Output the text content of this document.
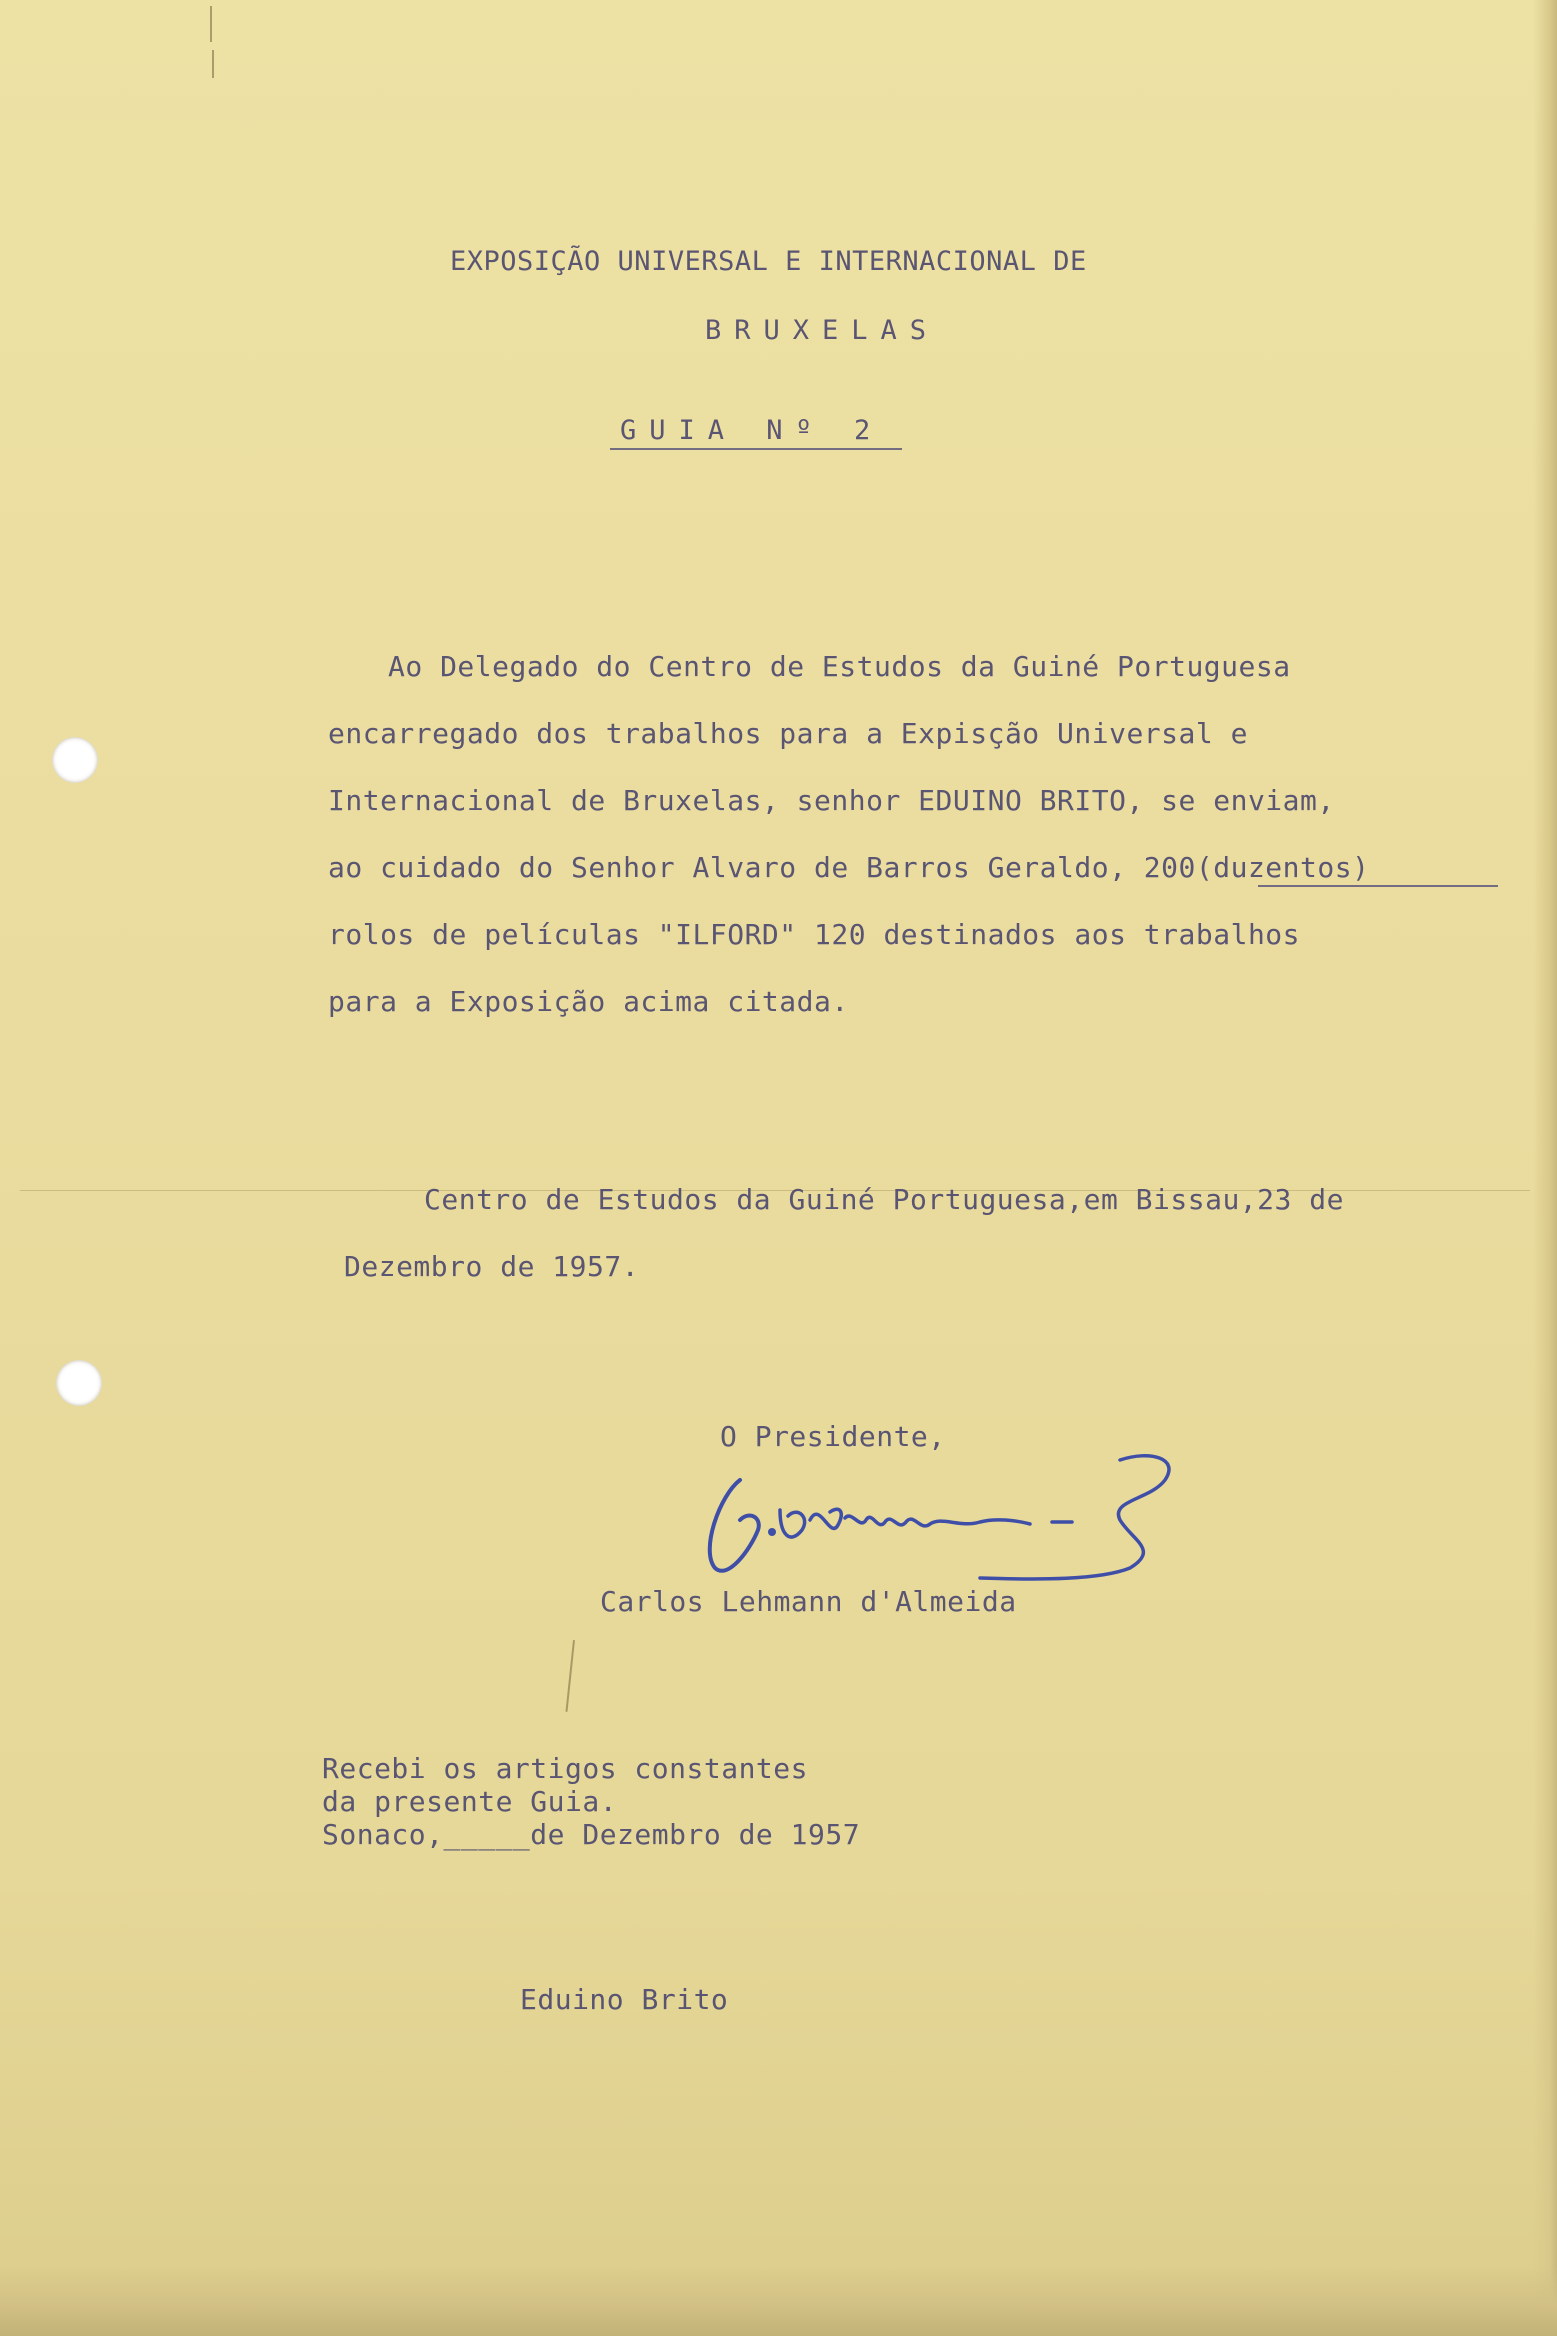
EXPOSIÇÃO UNIVERSAL E INTERNACIONAL DE
BRUXELAS
GUIA Nº 2
Ao Delegado do Centro de Estudos da Guiné Portuguesa
encarregado dos trabalhos para a Expisção Universal e
Internacional de Bruxelas, senhor EDUINO BRITO, se enviam,
ao cuidado do Senhor Alvaro de Barros Geraldo, 200(duzentos)
rolos de películas "ILFORD" 120 destinados aos trabalhos
para a Exposição acima citada.
Centro de Estudos da Guiné Portuguesa,em Bissau,23 de
Dezembro de 1957.
O Presidente,
Carlos Lehmann d'Almeida
Recebi os artigos constantes
da presente Guia.
Sonaco,_____de Dezembro de 1957
Eduino Brito
